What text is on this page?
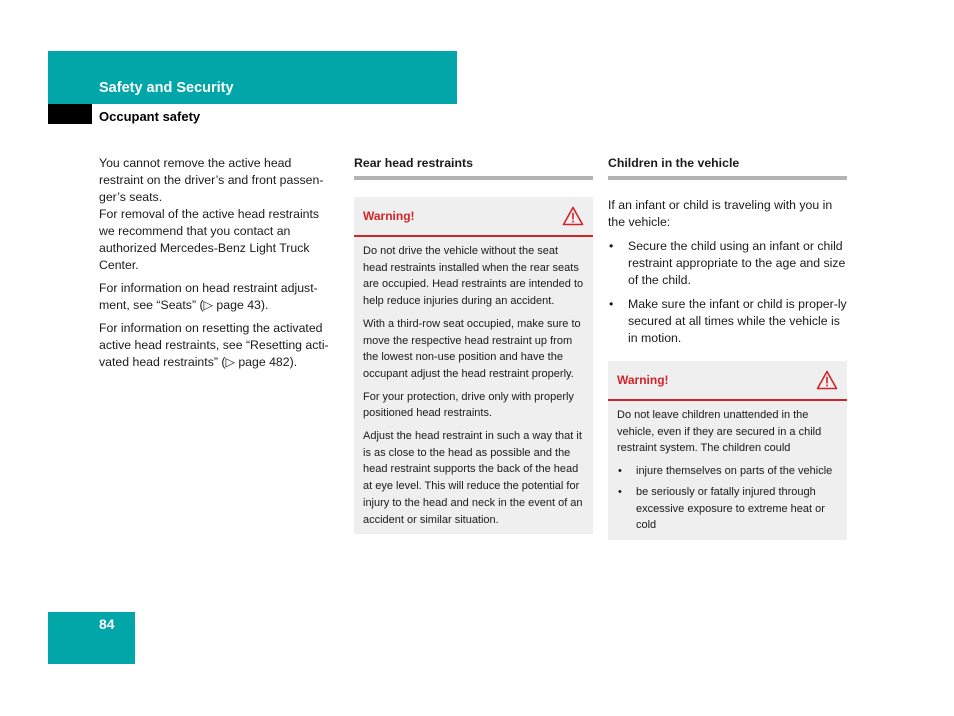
Safety and Security
Occupant safety

You cannot remove the active head restraint on the driver’s and front passen-ger’s seats.

For removal of the active head restraints we recommend that you contact an authorized Mercedes-Benz Light Truck Center.

For information on head restraint adjust-ment, see “Seats” (▷ page 43).

For information on resetting the activated active head restraints, see “Resetting acti-vated head restraints” (▷ page 482).

Rear head restraints
Warning!

Do not drive the vehicle without the seat head restraints installed when the rear seats are occupied. Head restraints are intended to help reduce injuries during an accident.

With a third-row seat occupied, make sure to move the respective head restraint up from the lowest non-use position and have the occupant adjust the head restraint properly.

For your protection, drive only with properly positioned head restraints.

Adjust the head restraint in such a way that it is as close to the head as possible and the head restraint supports the back of the head at eye level. This will reduce the potential for injury to the head and neck in the event of an accident or similar situation.

Children in the vehicle

If an infant or child is traveling with you in the vehicle:

• Secure the child using an infant or child restraint appropriate to the age and size of the child.
• Make sure the infant or child is proper-ly secured at all times while the vehicle is in motion.
Warning!

Do not leave children unattended in the vehicle, even if they are secured in a child restraint system. The children could

• injure themselves on parts of the vehicle
• be seriously or fatally injured through excessive exposure to extreme heat or cold
84
